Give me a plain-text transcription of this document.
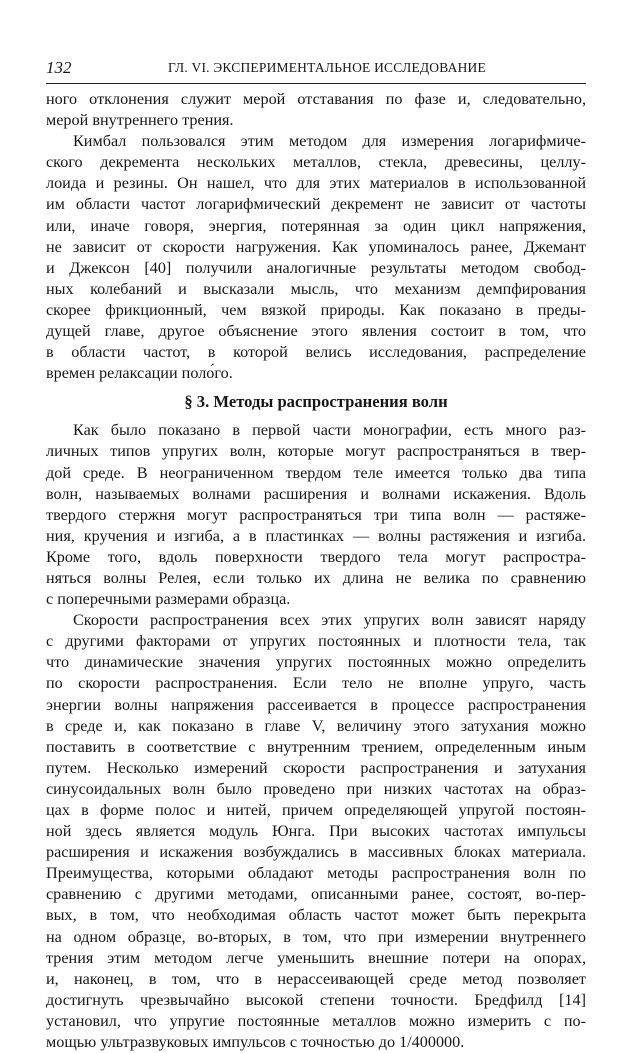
132	ГЛ. VI. ЭКСПЕРИМЕНТАЛЬНОЕ ИССЛЕДОВАНИЕ
ного отклонения служит мерой отставания по фазе и, следовательно,
мерой внутреннего трения.
Кимбал пользовался этим методом для измерения логарифмиче-
ского декремента нескольких металлов, стекла, древесины, целлу-
лоида и резины. Он нашел, что для этих материалов в использованной
им области частот логарифмический декремент не зависит от частоты
или, иначе говоря, энергия, потерянная за один цикл напряжения,
не зависит от скорости нагружения. Как упоминалось ранее, Джемант
и Джексон [40] получили аналогичные результаты методом свобод-
ных колебаний и высказали мысль, что механизм демпфирования
скорее фрикционный, чем вязкой природы. Как показано в преды-
дущей главе, другое объяснение этого явления состоит в том, что
в области частот, в которой велись исследования, распределение
времен релаксации поло́го.
§ 3. Методы распространения волн
Как было показано в первой части монографии, есть много раз-
личных типов упругих волн, которые могут распространяться в твер-
дой среде. В неограниченном твердом теле имеется только два типа
волн, называемых волнами расширения и волнами искажения. Вдоль
твердого стержня могут распространяться три типа волн — растяже-
ния, кручения и изгиба, а в пластинках — волны растяжения и изгиба.
Кроме того, вдоль поверхности твердого тела могут распростра-
няться волны Релея, если только их длина не велика по сравнению
с поперечными размерами образца.
Скорости распространения всех этих упругих волн зависят наряду
с другими факторами от упругих постоянных и плотности тела, так
что динамические значения упругих постоянных можно определить
по скорости распространения. Если тело не вполне упруго, часть
энергии волны напряжения рассеивается в процессе распространения
в среде и, как показано в главе V, величину этого затухания можно
поставить в соответствие с внутренним трением, определенным иным
путем. Несколько измерений скорости распространения и затухания
синусоидальных волн было проведено при низких частотах на образ-
цах в форме полос и нитей, причем определяющей упругой постоян-
ной здесь является модуль Юнга. При высоких частотах импульсы
расширения и искажения возбуждались в массивных блоках материала.
Преимущества, которыми обладают методы распространения волн по
сравнению с другими методами, описанными ранее, состоят, во-пер-
вых, в том, что необходимая область частот может быть перекрыта
на одном образце, во-вторых, в том, что при измерении внутреннего
трения этим методом легче уменьшить внешние потери на опорах,
и, наконец, в том, что в нерассеивающей среде метод позволяет
достигнуть чрезвычайно высокой степени точности. Бредфилд [14]
установил, что упругие постоянные металлов можно измерить с по-
мощью ультразвуковых импульсов с точностью до 1/400000.
